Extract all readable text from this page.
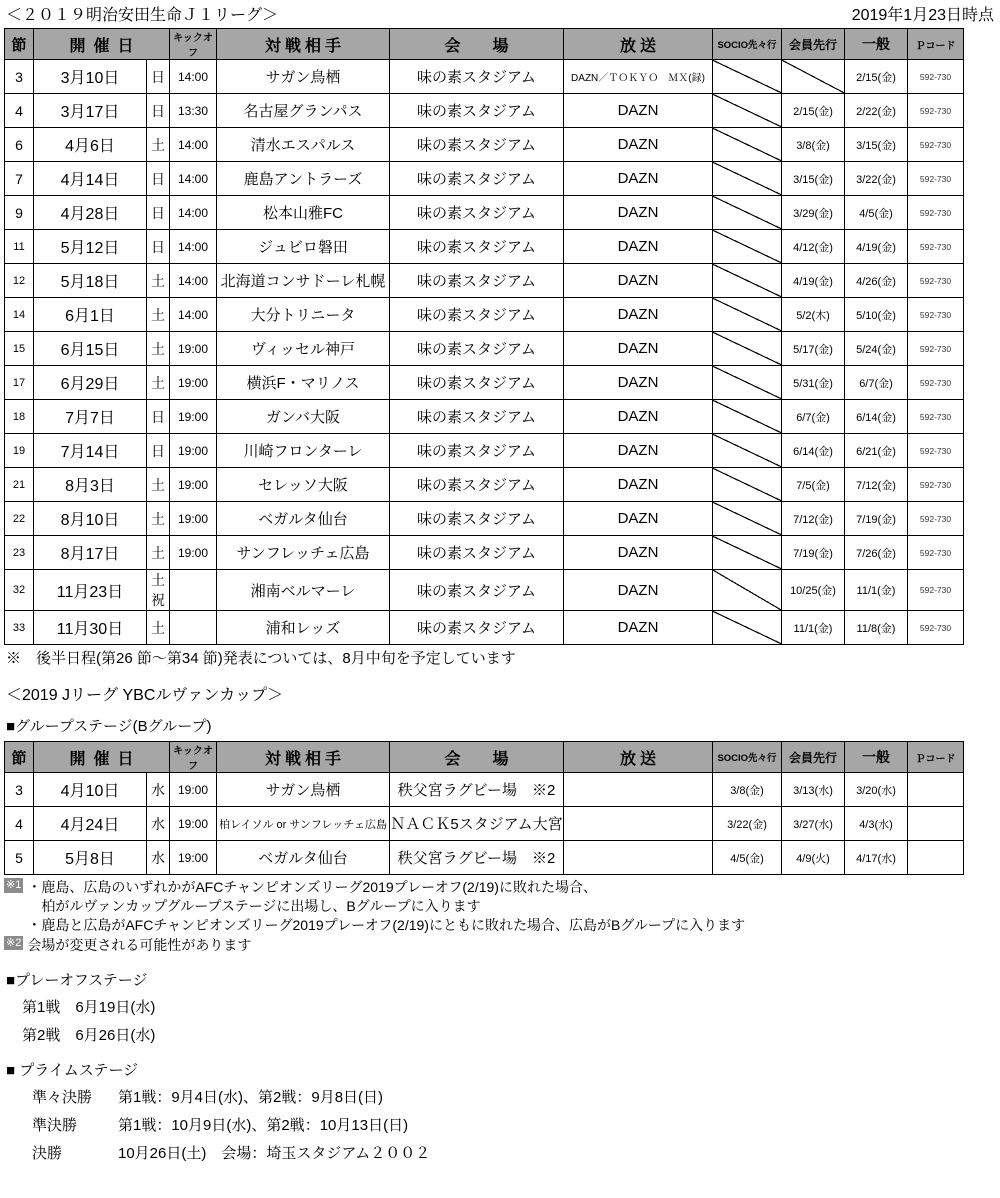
＜２０１９明治安田生命Ｊ１リーグ＞	2019年1月23日時点
節	開催日		キックオフ	対戦相手	会　場	放送	SOCIO先々行	会員先行	一般	Ｐコード
3	3月10日	日	14:00	サガン鳥栖	味の素スタジアム	DAZN／ＴＯＫＹＯ　ＭＸ(録)			2/15(金)	592-730
4	3月17日	日	13:30	名古屋グランパス	味の素スタジアム	DAZN		2/15(金)	2/22(金)	592-730
6	4月6日	土	14:00	清水エスパルス	味の素スタジアム	DAZN		3/8(金)	3/15(金)	592-730
7	4月14日	日	14:00	鹿島アントラーズ	味の素スタジアム	DAZN		3/15(金)	3/22(金)	592-730
9	4月28日	日	14:00	松本山雅FC	味の素スタジアム	DAZN		3/29(金)	4/5(金)	592-730
11	5月12日	日	14:00	ジュビロ磐田	味の素スタジアム	DAZN		4/12(金)	4/19(金)	592-730
12	5月18日	土	14:00	北海道コンサドーレ札幌	味の素スタジアム	DAZN		4/19(金)	4/26(金)	592-730
14	6月1日	土	14:00	大分トリニータ	味の素スタジアム	DAZN		5/2(木)	5/10(金)	592-730
15	6月15日	土	19:00	ヴィッセル神戸	味の素スタジアム	DAZN		5/17(金)	5/24(金)	592-730
17	6月29日	土	19:00	横浜F・マリノス	味の素スタジアム	DAZN		5/31(金)	6/7(金)	592-730
18	7月7日	日	19:00	ガンバ大阪	味の素スタジアム	DAZN		6/7(金)	6/14(金)	592-730
19	7月14日	日	19:00	川崎フロンターレ	味の素スタジアム	DAZN		6/14(金)	6/21(金)	592-730
21	8月3日	土	19:00	セレッソ大阪	味の素スタジアム	DAZN		7/5(金)	7/12(金)	592-730
22	8月10日	土	19:00	ベガルタ仙台	味の素スタジアム	DAZN		7/12(金)	7/19(金)	592-730
23	8月17日	土	19:00	サンフレッチェ広島	味の素スタジアム	DAZN		7/19(金)	7/26(金)	592-730
32	11月23日	土祝		湘南ベルマーレ	味の素スタジアム	DAZN		10/25(金)	11/1(金)	592-730
33	11月30日	土		浦和レッズ	味の素スタジアム	DAZN		11/1(金)	11/8(金)	592-730
※　後半日程(第26 節〜第34 節)発表については、8月中旬を予定しています
＜2019 Jリーグ YBCルヴァンカップ＞
■グループステージ(Bグループ)
節	開催日		キックオフ	対戦相手	会　場	放送	SOCIO先々行	会員先行	一般	Ｐコード
3	4月10日	水	19:00	サガン鳥栖	秩父宮ラグビー場　※2		3/8(金)	3/13(水)	3/20(水)	
4	4月24日	水	19:00	柏レイソル or サンフレッチェ広島	ＮＡＣＫ5スタジアム大宮		3/22(金)	3/27(水)	4/3(水)	
5	5月8日	水	19:00	ベガルタ仙台	秩父宮ラグビー場　※2		4/5(金)	4/9(火)	4/17(水)	
※1 ・鹿島、広島のいずれかがAFCチャンピオンズリーグ2019プレーオフ(2/19)に敗れた場合、
　柏がルヴァンカップグループステージに出場し、Bグループに入ります
・鹿島と広島がAFCチャンピオンズリーグ2019プレーオフ(2/19)にともに敗れた場合、広島がBグループに入ります
※2 会場が変更される可能性があります
■プレーオフステージ
第1戦　6月19日(水)
第2戦　6月26日(水)
■ プライムステージ
準々決勝	第1戦：9月4日(水)、第2戦：9月8日(日)
準決勝	第1戦：10月9日(水)、第2戦：10月13日(日)
決勝	10月26日(土)　会場：埼玉スタジアム２００２
